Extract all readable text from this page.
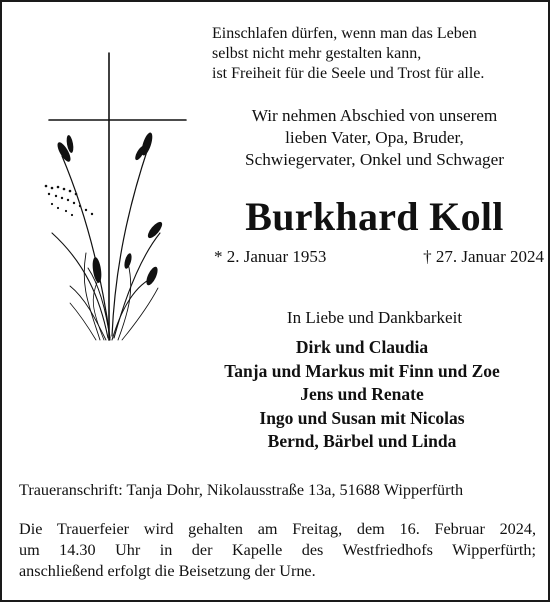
Einschlafen dürfen, wenn man das Leben
selbst nicht mehr gestalten kann,
ist Freiheit für die Seele und Trost für alle.
Wir nehmen Abschied von unserem
lieben Vater, Opa, Bruder,
Schwiegervater, Onkel und Schwager
Burkhard Koll
* 2. Januar 1953	† 27. Januar 2024
In Liebe und Dankbarkeit
Dirk und Claudia
Tanja und Markus mit Finn und Zoe
Jens und Renate
Ingo und Susan mit Nicolas
Bernd, Bärbel und Linda
Traueranschrift: Tanja Dohr, Nikolausstraße 13a, 51688 Wipperfürth
Die Trauerfeier wird gehalten am Freitag, dem 16. Februar 2024,
um 14.30 Uhr in der Kapelle des Westfriedhofs Wipperfürth;
anschließend erfolgt die Beisetzung der Urne.
